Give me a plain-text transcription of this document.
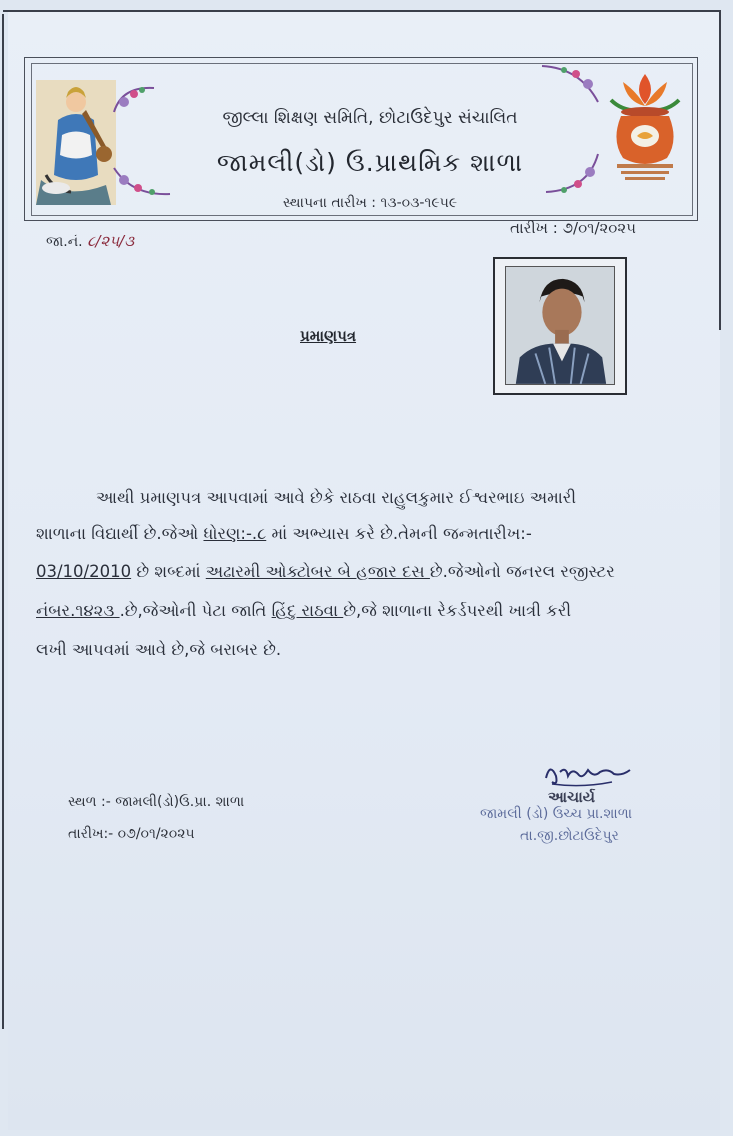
જીલ્લા શિક્ષણ સમિતિ, છોટાઉદેપુર સંચાલિત
જામલી(ડો) ઉ.પ્રાથમિક શાળા
સ્થાપના તારીખ : ૧૩-૦૩-૧૯૫૯
જા.નં. ૮/૨૫/૩
તારીખ : ૭/૦૧/૨૦૨૫
પ્રમાણપત્ર
આથી પ્રમાણપત્ર આપવામાં આવે છેકે રાઠવા રાહુલકુમાર ઈશ્વરભાઇ અમારી
શાળાના વિદ્યાર્થી છે.જેઓ ધોરણ:-.૮ માં અભ્યાસ કરે છે.તેમની જન્મતારીખ:-
03/10/2010 છે શબ્દમાં અઢારમી ઓક્ટોબર બે હજાર દસ છે.જેઓનો જનરલ રજીસ્ટર
નંબર.૧૪૨૩ .છે,જેઓની પેટા જાતિ હિંદુ રાઠવા છે,જે શાળાના રેકર્ડપરથી ખાત્રી કરી
લખી આપવમાં આવે છે,જે બરાબર છે.
સ્થળ :- જામલી(ડો)ઉ.પ્રા. શાળા
તારીખ:- ૦૭/૦૧/૨૦૨૫
આચાર્ય
જામલી (ડો) ઉચ્ચ પ્રા.શાળા
તા.જી.છોટાઉદેપુર
